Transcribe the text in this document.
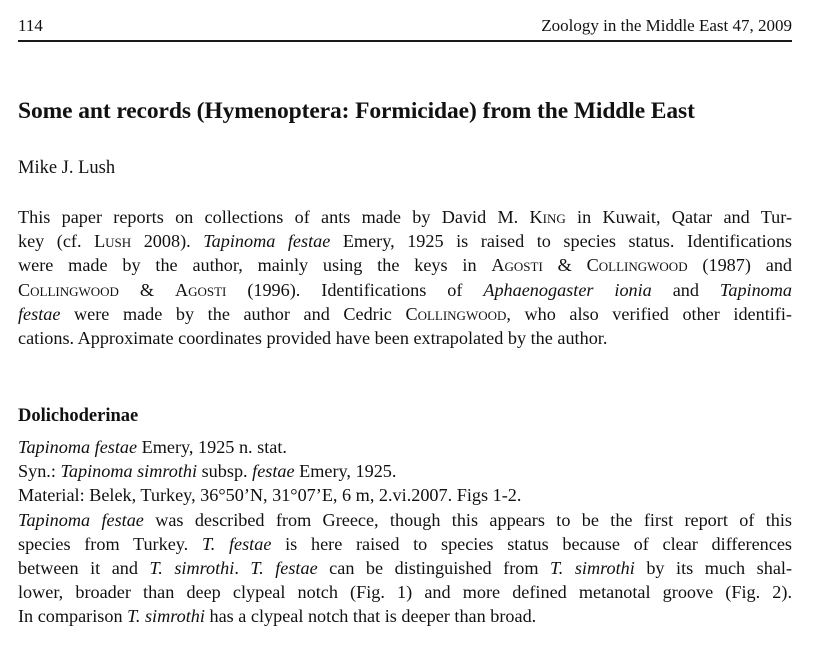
114	Zoology in the Middle East 47, 2009
Some ant records (Hymenoptera: Formicidae) from the Middle East
Mike J. Lush
This paper reports on collections of ants made by David M. King in Kuwait, Qatar and Tur-
key (cf. Lush 2008). Tapinoma festae Emery, 1925 is raised to species status. Identifications
were made by the author, mainly using the keys in Agosti & Collingwood (1987) and
Collingwood & Agosti (1996). Identifications of Aphaenogaster ionia and Tapinoma
festae were made by the author and Cedric Collingwood, who also verified other identifi-
cations. Approximate coordinates provided have been extrapolated by the author.
Dolichoderinae
Tapinoma festae Emery, 1925 n. stat.
Syn.: Tapinoma simrothi subsp. festae Emery, 1925.
Material: Belek, Turkey, 36°50’N, 31°07’E, 6 m, 2.vi.2007. Figs 1-2.
Tapinoma festae was described from Greece, though this appears to be the first report of this
species from Turkey. T. festae is here raised to species status because of clear differences
between it and T. simrothi. T. festae can be distinguished from T. simrothi by its much shal-
lower, broader than deep clypeal notch (Fig. 1) and more defined metanotal groove (Fig. 2).
In comparison T. simrothi has a clypeal notch that is deeper than broad.
